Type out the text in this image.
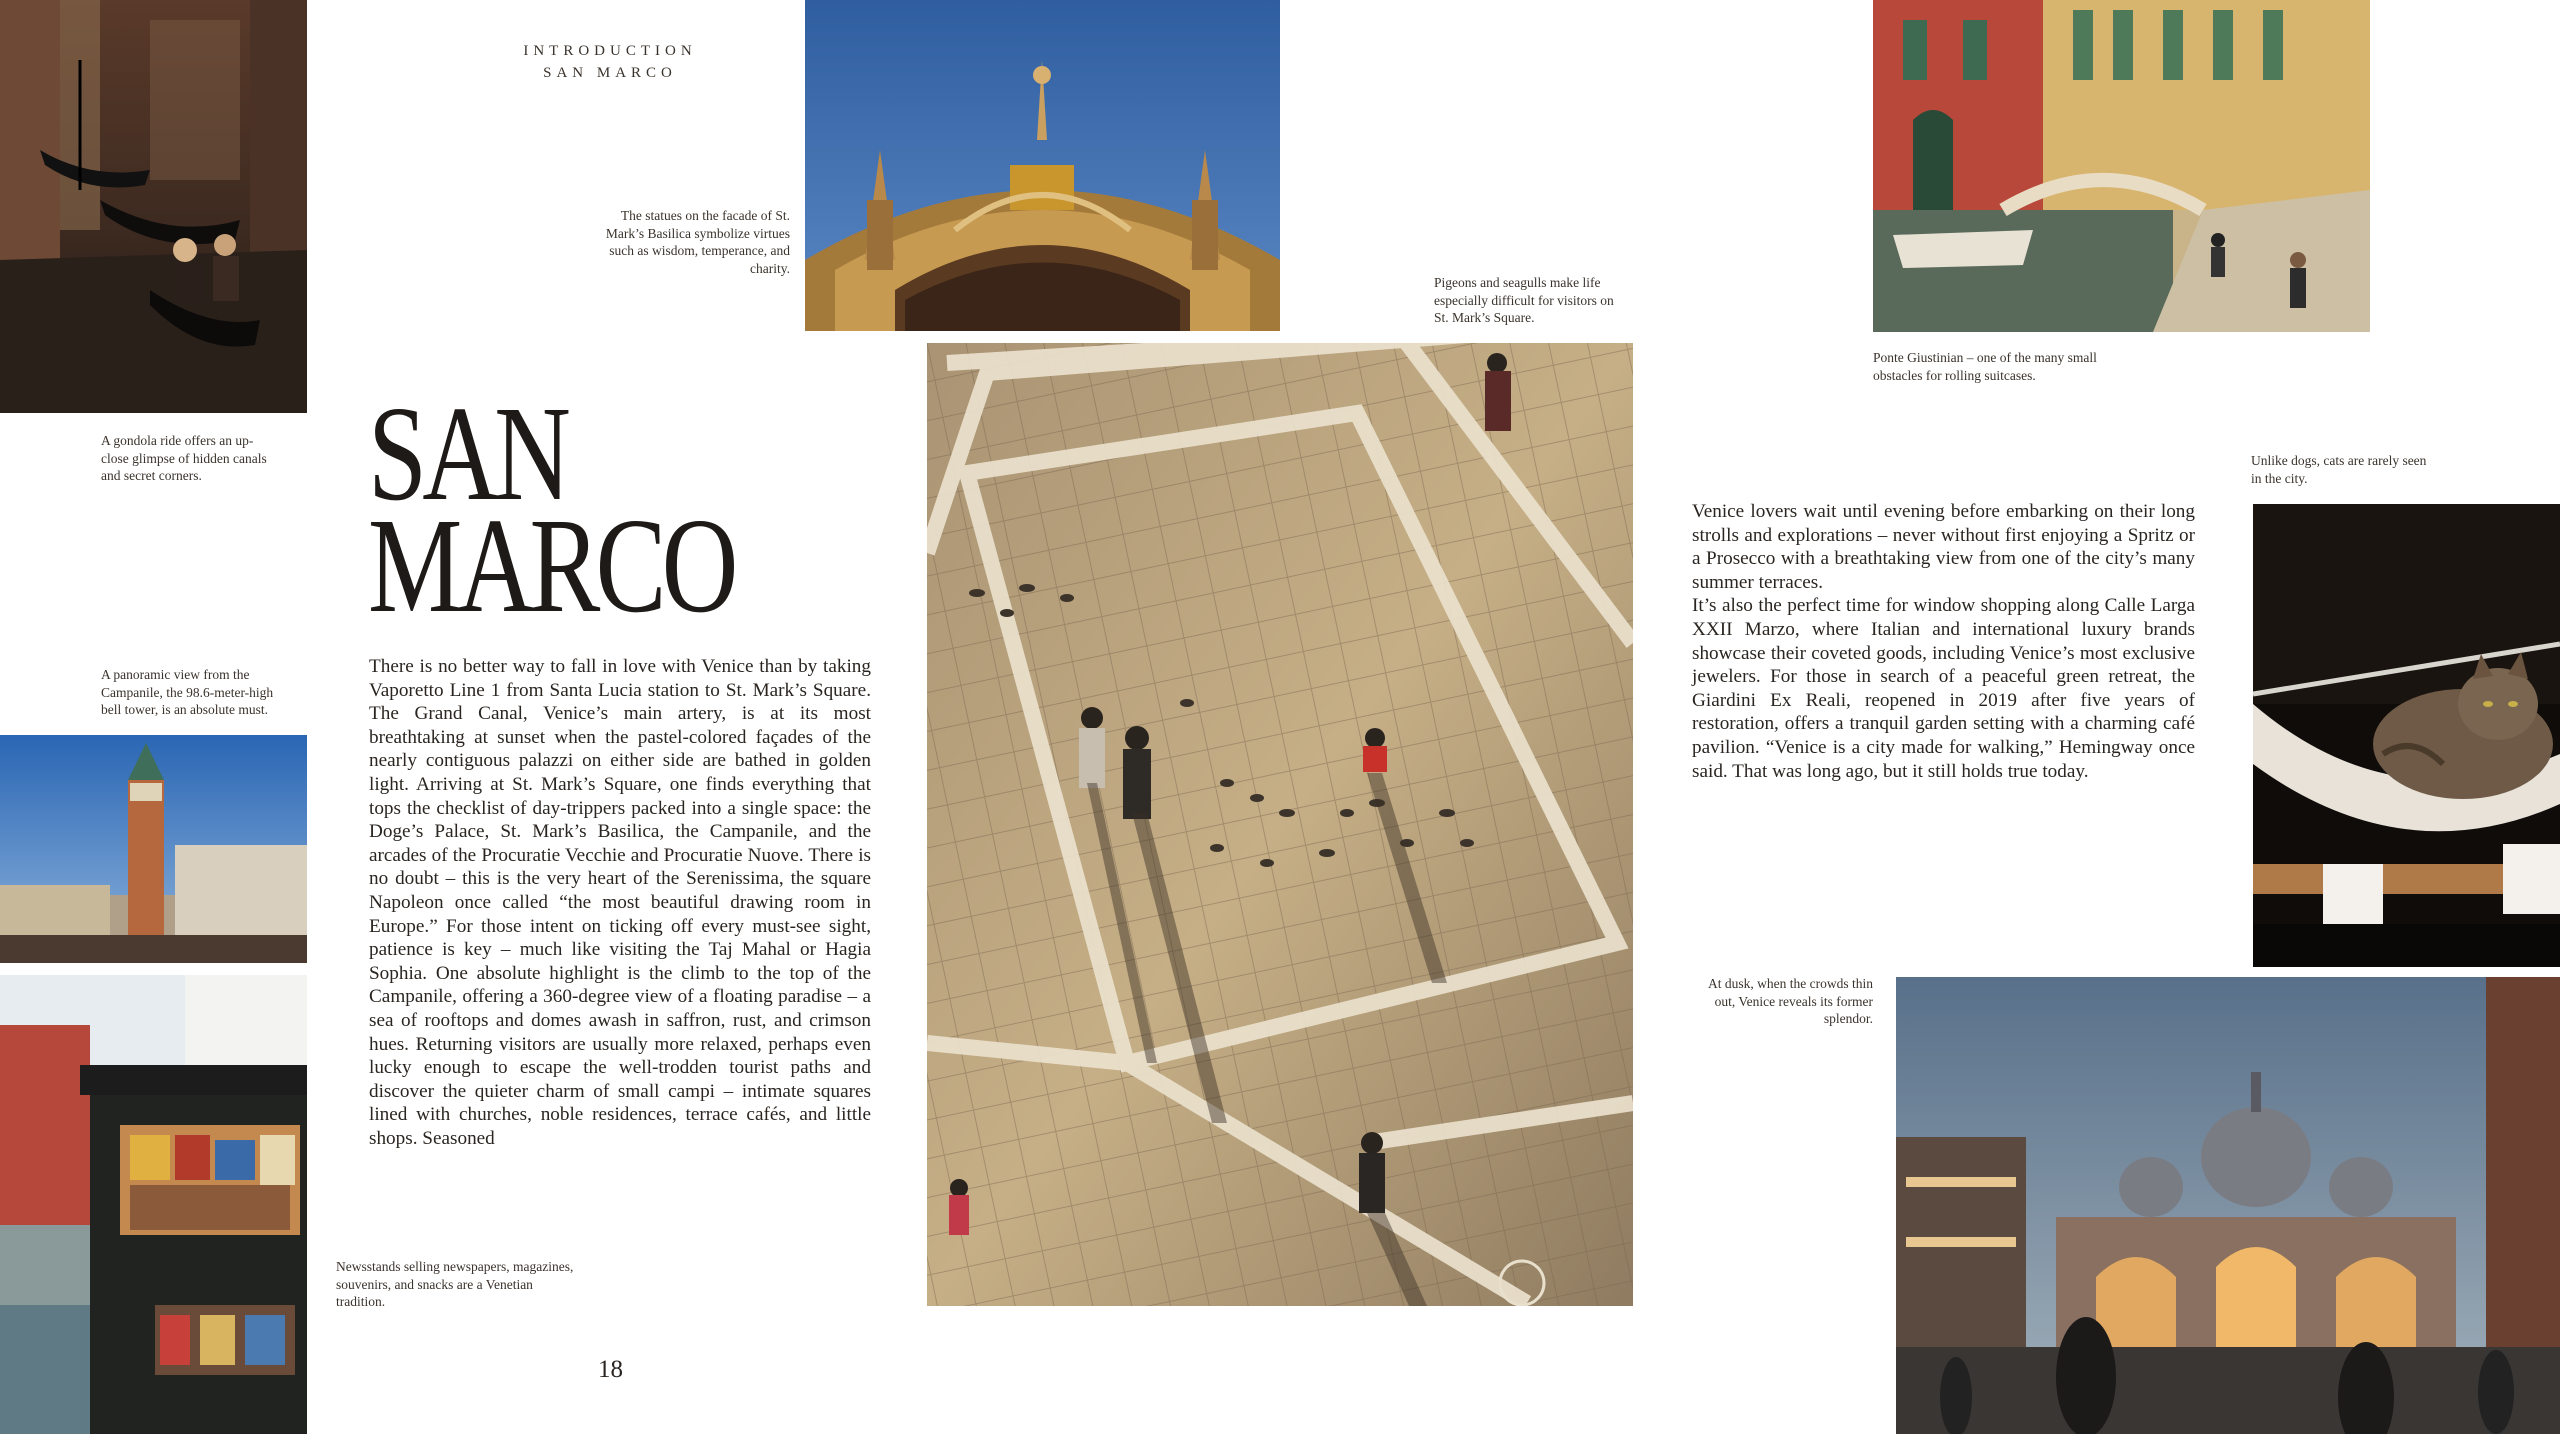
INTRODUCTION
SAN MARCO
SAN
MARCO

There is no better way to fall in love with Venice than by taking Vaporetto Line 1 from Santa Lucia station to St. Mark’s Square. The Grand Canal, Venice’s main artery, is at its most breathtaking at sunset when the pastel-colored façades of the nearly contiguous palazzi on either side are bathed in golden light. Arriving at St. Mark’s Square, one finds everything that tops the checklist of day-trippers packed into a single space: the Doge’s Palace, St. Mark’s Basilica, the Campanile, and the arcades of the Procuratie Vecchie and Procuratie Nuove. There is no doubt – this is the very heart of the Serenissima, the square Napoleon once called “the most beautiful drawing room in Europe.” For those intent on ticking off every must-see sight, patience is key – much like visiting the Taj Mahal or Hagia Sophia. One absolute highlight is the climb to the top of the Campanile, offering a 360-degree view of a floating paradise – a sea of rooftops and domes awash in saffron, rust, and crimson hues. Returning visitors are usually more relaxed, perhaps even lucky enough to escape the well-trodden tourist paths and discover the quieter charm of small campi – intimate squares lined with churches, noble residences, terrace cafés, and little shops. Seasoned

Venice lovers wait until evening before embarking on their long strolls and explorations – never without first enjoying a Spritz or a Prosecco with a breathtaking view from one of the city’s many summer terraces.

It’s also the perfect time for window shopping along Calle Larga XXII Marzo, where Italian and international luxury brands showcase their coveted goods, including Venice’s most exclusive jewelers. For those in search of a peaceful green retreat, the Giardini Ex Reali, reopened in 2019 after five years of restoration, offers a tranquil garden setting with a charming café pavilion. “Venice is a city made for walking,” Hemingway once said. That was long ago, but it still holds true today.

A gondola ride offers an up-close glimpse of hidden canals and secret corners.

The statues on the facade of St. Mark’s Basilica symbolize virtues such as wisdom, temperance, and charity.

Pigeons and seagulls make life especially difficult for visitors on St. Mark’s Square.

Ponte Giustinian – one of the many small obstacles for rolling suitcases.

A panoramic view from the Campanile, the 98.6-meter-high bell tower, is an absolute must.

Unlike dogs, cats are rarely seen in the city.

At dusk, when the crowds thin out, Venice reveals its former splendor.

Newsstands selling newspapers, magazines, souvenirs, and snacks are a Venetian tradition.

18
